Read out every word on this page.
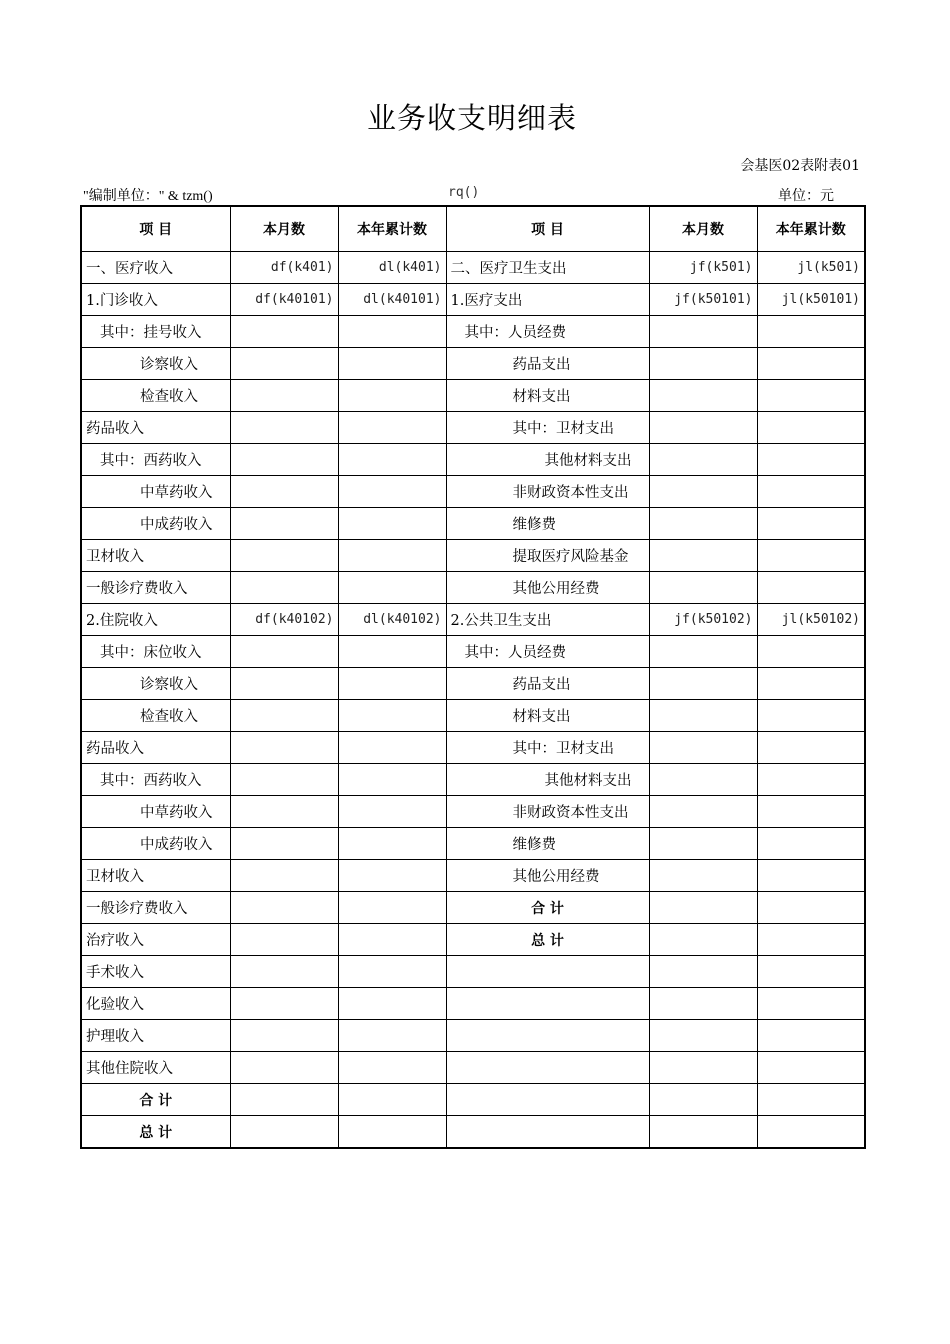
业务收支明细表
会基医02表附表01
"编制单位：" & tzm()	rq()	单位：元
项 目	本月数	本年累计数	项 目	本月数	本年累计数
一、医疗收入	df(k401)	dl(k401)	二、医疗卫生支出	jf(k501)	jl(k501)
1.门诊收入	df(k40101)	dl(k40101)	1.医疗支出	jf(k50101)	jl(k50101)
其中：挂号收入			其中：人员经费		
诊察收入			药品支出		
检查收入			材料支出		
药品收入			其中：卫材支出		
其中：西药收入			其他材料支出		
中草药收入			非财政资本性支出		
中成药收入			维修费		
卫材收入			提取医疗风险基金		
一般诊疗费收入			其他公用经费		
2.住院收入	df(k40102)	dl(k40102)	2.公共卫生支出	jf(k50102)	jl(k50102)
其中：床位收入			其中：人员经费		
诊察收入			药品支出		
检查收入			材料支出		
药品收入			其中：卫材支出		
其中：西药收入			其他材料支出		
中草药收入			非财政资本性支出		
中成药收入			维修费		
卫材收入			其他公用经费		
一般诊疗费收入			合 计		
治疗收入			总 计		
手术收入					
化验收入					
护理收入					
其他住院收入					
合 计					
总 计					
